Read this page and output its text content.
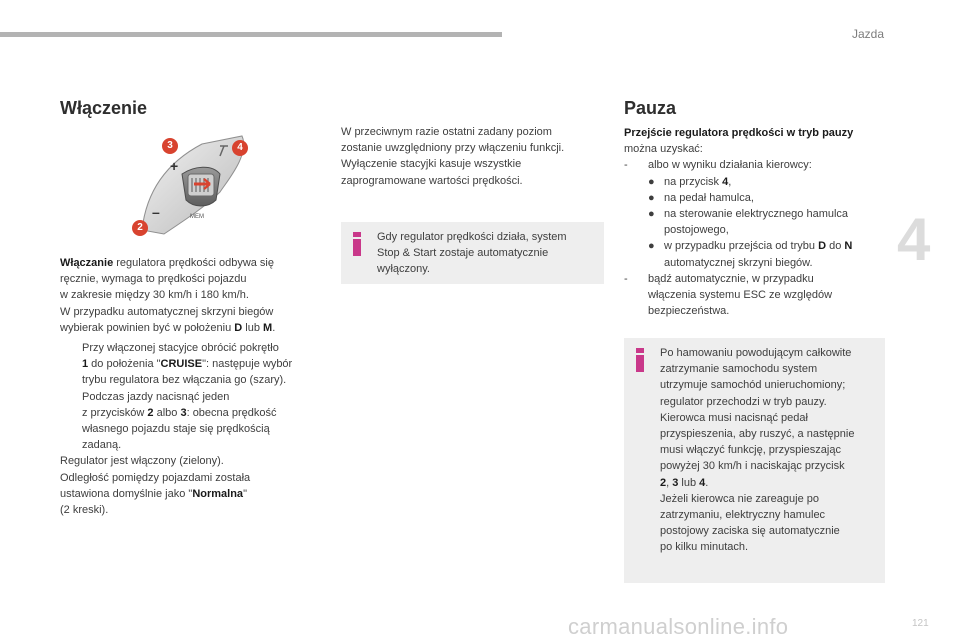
Jazda
4
Włączenie
+
–	MEM
3	4
2

Włączanie regulatora prędkości odbywa się

ręcznie, wymaga to prędkości pojazdu

w zakresie między 30 km/h i 180 km/h.

W przypadku automatycznej skrzyni biegów

wybierak powinien być w położeniu D lub M.

Przy włączonej stacyjce obrócić pokrętło

1 do położenia "CRUISE": następuje wybór

trybu regulatora bez włączania go (szary).

Podczas jazdy nacisnąć jeden

z przycisków 2 albo 3: obecna prędkość

własnego pojazdu staje się prędkością

zadaną.

Regulator jest włączony (zielony).

Odległość pomiędzy pojazdami została

ustawiona domyślnie jako "Normalna"

(2 kreski).

W przeciwnym razie ostatni zadany poziom

zostanie uwzględniony przy włączeniu funkcji.

Wyłączenie stacyjki kasuje wszystkie

zaprogramowane wartości prędkości.

Gdy regulator prędkości działa, system

Stop & Start zostaje automatycznie

wyłączony.

Pauza

Przejście regulatora prędkości w tryb pauzy

można uzyskać:

- albo w wyniku działania kierowcy:

● na przycisk 4,

● na pedał hamulca,

● na sterowanie elektrycznego hamulca

postojowego,

● w przypadku przejścia od trybu D do N

automatycznej skrzyni biegów.

- bądź automatycznie, w przypadku

włączenia systemu ESC ze względów

bezpieczeństwa.

Po hamowaniu powodującym całkowite

zatrzymanie samochodu system

utrzymuje samochód unieruchomiony;

regulator przechodzi w tryb pauzy.

Kierowca musi nacisnąć pedał

przyspieszenia, aby ruszyć, a następnie

musi włączyć funkcję, przyspieszając

powyżej 30 km/h i naciskając przycisk

2, 3 lub 4.

Jeżeli kierowca nie zareaguje po

zatrzymaniu, elektryczny hamulec

postojowy zaciska się automatycznie

po kilku minutach.

carmanualsonline.info	121
